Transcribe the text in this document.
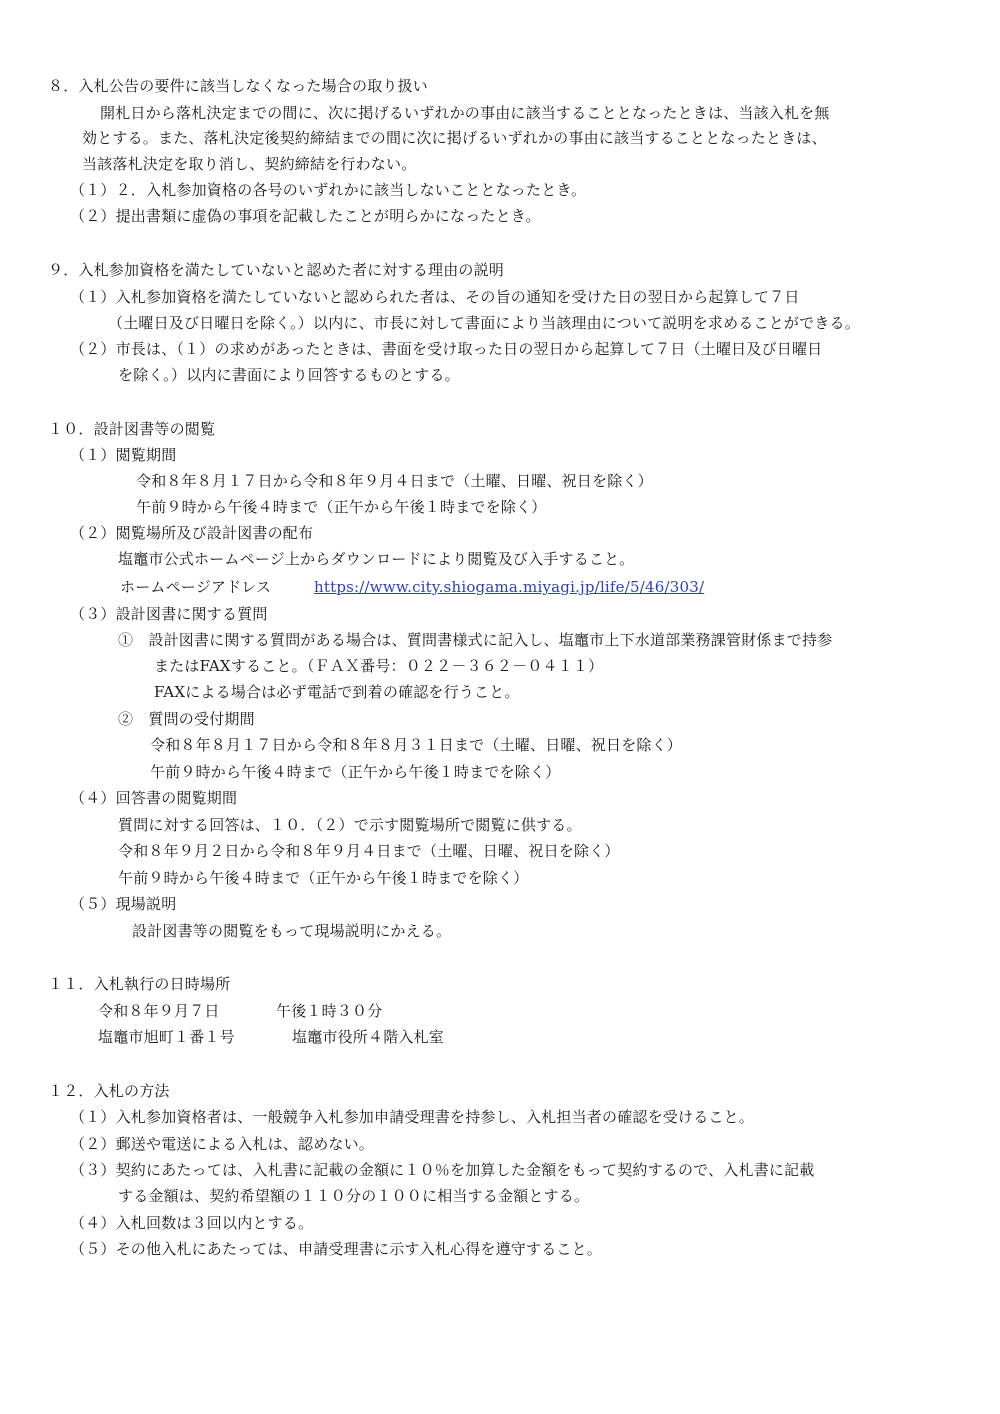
８．入札公告の要件に該当しなくなった場合の取り扱い
開札日から落札決定までの間に、次に掲げるいずれかの事由に該当することとなったときは、当該入札を無
効とする。また、落札決定後契約締結までの間に次に掲げるいずれかの事由に該当することとなったときは、
当該落札決定を取り消し、契約締結を行わない。
（１）２．入札参加資格の各号のいずれかに該当しないこととなったとき。
（２）提出書類に虚偽の事項を記載したことが明らかになったとき。
９．入札参加資格を満たしていないと認めた者に対する理由の説明
（１）入札参加資格を満たしていないと認められた者は、その旨の通知を受けた日の翌日から起算して７日
（土曜日及び日曜日を除く。）以内に、市長に対して書面により当該理由について説明を求めることができる。
（２）市長は、（１）の求めがあったときは、書面を受け取った日の翌日から起算して７日（土曜日及び日曜日
を除く。）以内に書面により回答するものとする。
１０．設計図書等の閲覧
（１）閲覧期間
令和８年８月１７日から令和８年９月４日まで（土曜、日曜、祝日を除く）
午前９時から午後４時まで（正午から午後１時までを除く）
（２）閲覧場所及び設計図書の配布
塩竈市公式ホームページ上からダウンロードにより閲覧及び入手すること。
ホームページアドレス	https://www.city.shiogama.miyagi.jp/life/5/46/303/
（３）設計図書に関する質問
①　設計図書に関する質問がある場合は、質問書様式に記入し、塩竈市上下水道部業務課管財係まで持参
またはFAXすること。（ＦＡＸ番号：０２２－３６２－０４１１）
FAXによる場合は必ず電話で到着の確認を行うこと。
②　質問の受付期間
令和８年８月１７日から令和８年８月３１日まで（土曜、日曜、祝日を除く）
午前９時から午後４時まで（正午から午後１時までを除く）
（４）回答書の閲覧期間
質問に対する回答は、１０．（２）で示す閲覧場所で閲覧に供する。
令和８年９月２日から令和８年９月４日まで（土曜、日曜、祝日を除く）
午前９時から午後４時まで（正午から午後１時までを除く）
（５）現場説明
設計図書等の閲覧をもって現場説明にかえる。
１１．入札執行の日時場所
令和８年９月７日	午後１時３０分
塩竈市旭町１番１号	塩竈市役所４階入札室
１２．入札の方法
（１）入札参加資格者は、一般競争入札参加申請受理書を持参し、入札担当者の確認を受けること。
（２）郵送や電送による入札は、認めない。
（３）契約にあたっては、入札書に記載の金額に１０％を加算した金額をもって契約するので、入札書に記載
する金額は、契約希望額の１１０分の１００に相当する金額とする。
（４）入札回数は３回以内とする。
（５）その他入札にあたっては、申請受理書に示す入札心得を遵守すること。
